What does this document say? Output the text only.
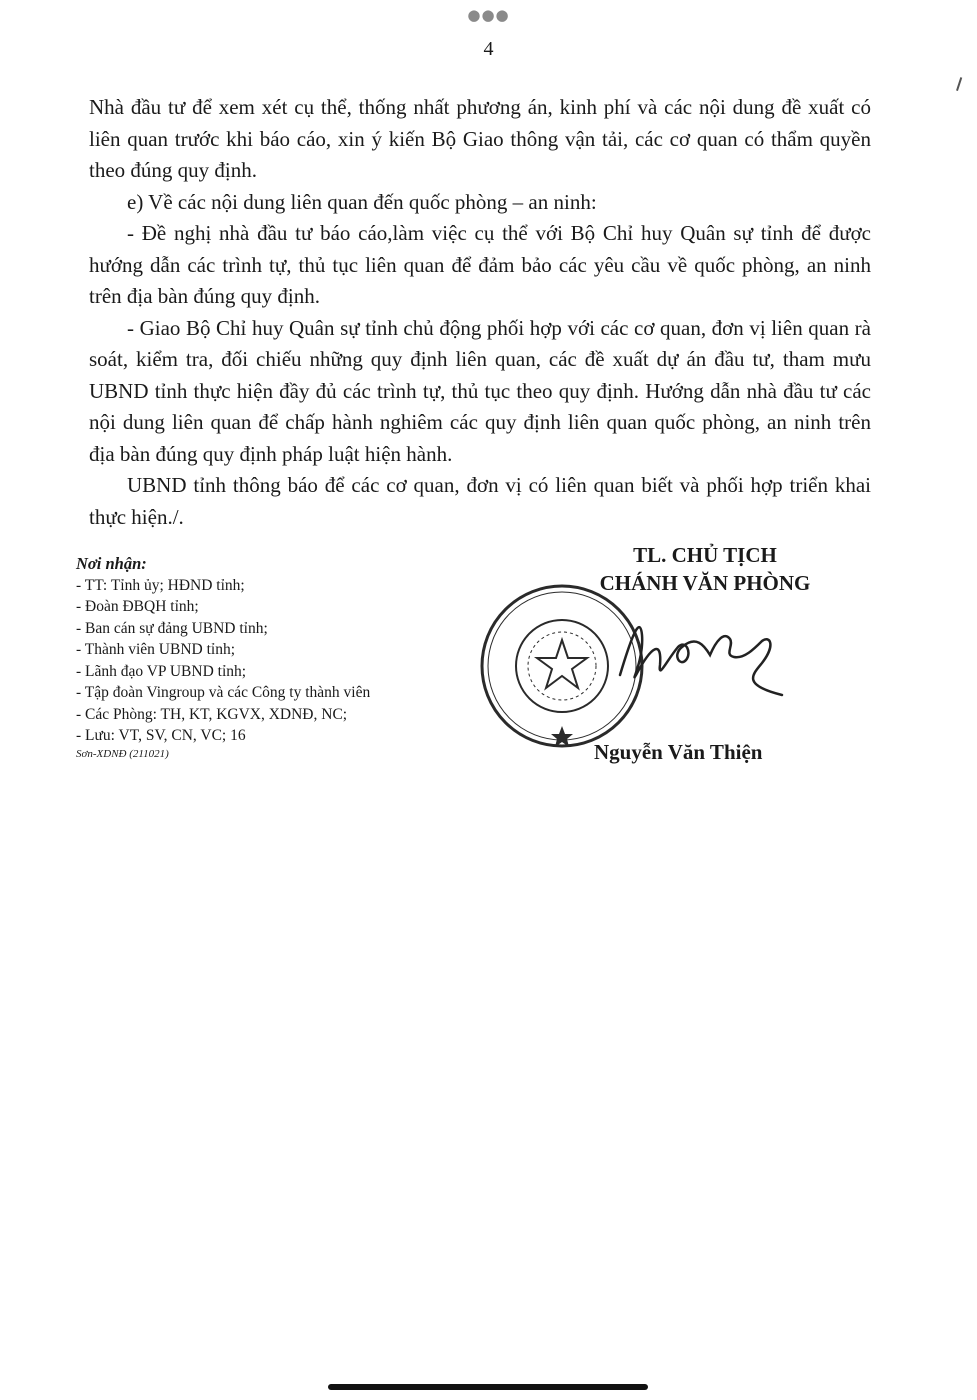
●●●
4

Nhà đầu tư để xem xét cụ thể, thống nhất phương án, kinh phí và các nội dung đề xuất có liên quan trước khi báo cáo, xin ý kiến Bộ Giao thông vận tải, các cơ quan có thẩm quyền theo đúng quy định.

e) Về các nội dung liên quan đến quốc phòng – an ninh:

- Đề nghị nhà đầu tư báo cáo,làm việc cụ thể với Bộ Chỉ huy Quân sự tỉnh để được hướng dẫn các trình tự, thủ tục liên quan để đảm bảo các yêu cầu về quốc phòng, an ninh trên địa bàn đúng quy định.

- Giao Bộ Chỉ huy Quân sự tỉnh chủ động phối hợp với các cơ quan, đơn vị liên quan rà soát, kiểm tra, đối chiếu những quy định liên quan, các đề xuất dự án đầu tư, tham mưu UBND tỉnh thực hiện đầy đủ các trình tự, thủ tục theo quy định. Hướng dẫn nhà đầu tư các nội dung liên quan để chấp hành nghiêm các quy định liên quan quốc phòng, an ninh trên địa bàn đúng quy định pháp luật hiện hành.

UBND tỉnh thông báo để các cơ quan, đơn vị có liên quan biết và phối hợp triển khai thực hiện./.

Nơi nhận:
- TT: Tỉnh ủy; HĐND tỉnh;
- Đoàn ĐBQH tỉnh;
- Ban cán sự đảng UBND tỉnh;
- Thành viên UBND tỉnh;
- Lãnh đạo VP UBND tỉnh;
- Tập đoàn Vingroup và các Công ty thành viên
- Các Phòng: TH, KT, KGVX, XDNĐ, NC;
- Lưu: VT, SV, CN, VC; 16
Sơn-XDNĐ (211021)
TL. CHỦ TỊCH
CHÁNH VĂN PHÒNG
Nguyễn Văn Thiện
